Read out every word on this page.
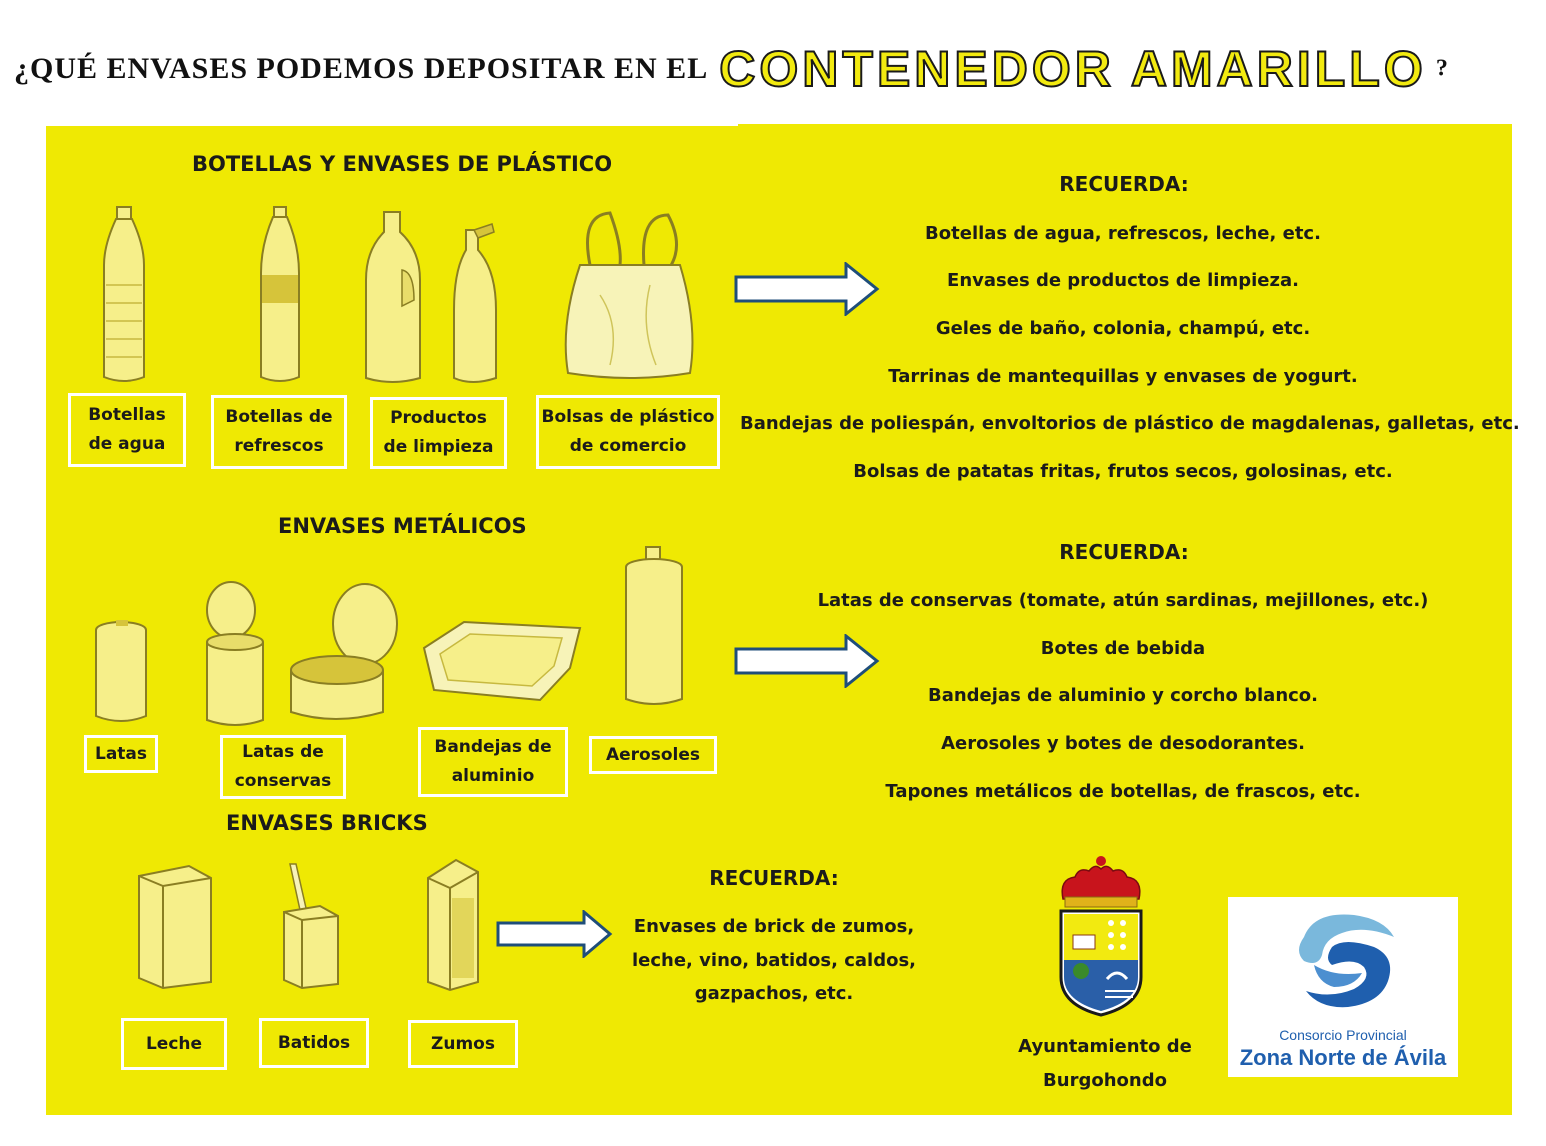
¿QUÉ ENVASES PODEMOS DEPOSITAR EN EL CONTENEDOR AMARILLO ?
BOTELLAS Y ENVASES DE PLÁSTICO
Botellas
de agua
Botellas de
refrescos
Productos
de limpieza
Bolsas de plástico
de comercio
RECUERDA:
Botellas de agua, refrescos, leche, etc.
Envases de productos de limpieza.
Geles de baño, colonia, champú, etc.
Tarrinas de mantequillas y envases de yogurt.
Bandejas de poliespán, envoltorios de plástico de magdalenas, galletas, etc.
Bolsas de patatas fritas, frutos secos, golosinas, etc.
ENVASES METÁLICOS
Latas	Latas de
conservas
Bandejas de
aluminio
Aerosoles
RECUERDA:
Latas de conservas (tomate, atún sardinas, mejillones, etc.)
Botes de bebida
Bandejas de aluminio y corcho blanco.
Aerosoles y botes de desodorantes.
Tapones metálicos de botellas, de frascos, etc.
ENVASES BRICKS
Leche	Batidos	Zumos
RECUERDA:
Envases de brick de zumos,
leche, vino, batidos, caldos,
gazpachos, etc.
Ayuntamiento de
Burgohondo
Consorcio Provincial
Zona Norte de Ávila
